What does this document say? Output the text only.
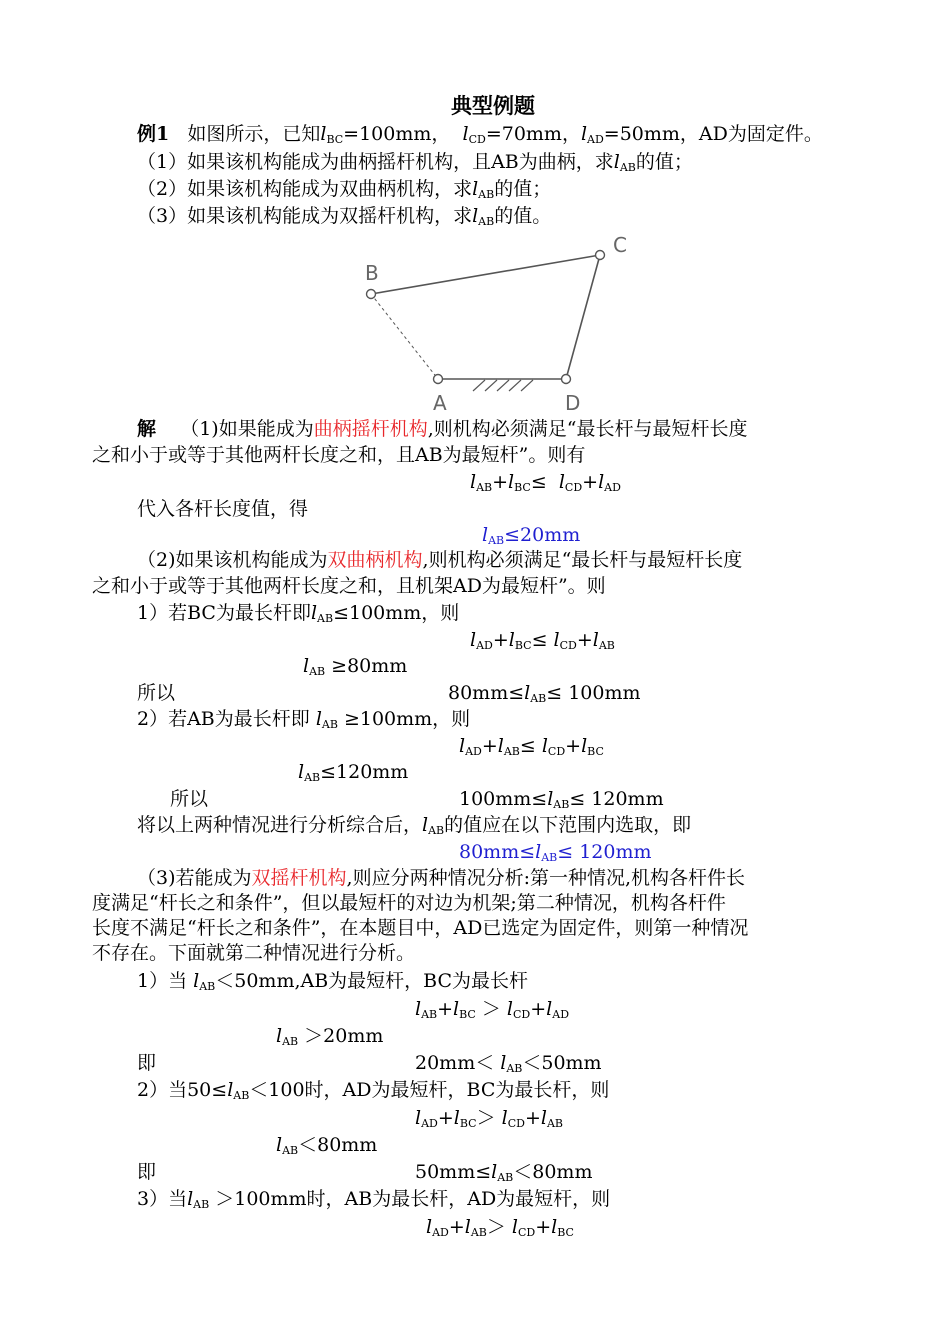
典型例题
例1 如图所示，已知$l_{BC}=100mm$， $l_{CD}=70mm$，$l_{AD}=50mm$，AD为固定件。
（1）如果该机构能成为曲柄摇杆机构，且AB为曲柄，求$l_{AB}$的值；
（2）如果该机构能成为双曲柄机构，求$l_{AB}$的值；
（3）如果该机构能成为双摇杆机构，求$l_{AB}$的值。
B
C
A	D
解 （1)如果能成为曲柄摇杆机构,则机构必须满足“最长杆与最短杆长度
之和小于或等于其他两杆长度之和，且AB为最短杆”。则有
$l_{AB}+l_{BC}\le l_{CD}+l_{AD}$
代入各杆长度值，得
$l_{AB}\le 20mm$
（2)如果该机构能成为双曲柄机构,则机构必须满足“最长杆与最短杆长度
之和小于或等于其他两杆长度之和，且机架AD为最短杆”。则
1）若BC为最长杆即$l_{AB}\le 100mm$，则
$l_{AD}+l_{BC}\le l_{CD}+l_{AB}$
$l_{AB} \ge 80mm$
所以	$80mm\le l_{AB}\le 100mm$
2）若AB为最长杆即 $l_{AB} \ge 100mm$，则
$l_{AD}+l_{AB}\le l_{CD}+l_{BC}$
$l_{AB}\le 120mm$
所以	$100mm\le l_{AB}\le 120mm$
将以上两种情况进行分析综合后，$l_{AB}$的值应在以下范围内选取，即
$80mm\le l_{AB}\le 120mm$
（3)若能成为双摇杆机构,则应分两种情况分析:第一种情况,机构各杆件长
度满足“杆长之和条件”，但以最短杆的对边为机架;第二种情况，机构各杆件
长度不满足“杆长之和条件”，在本题目中，AD已选定为固定件，则第一种情况
不存在。下面就第二种情况进行分析。
1）当 $l_{AB}<50mm,AB$为最短杆，BC为最长杆
$l_{AB}+l_{BC} > l_{CD}+l_{AD}$
$l_{AB} >20mm$
即	$20mm< l_{AB}<50mm$
2）当$50\le l_{AB}<100$时，AD为最短杆，BC为最长杆，则
$l_{AD}+l_{BC}> l_{CD}+l_{AB}$
$l_{AB}<80mm$
即	$50mm\le l_{AB}<80mm$
3）当$l_{AB} >100mm$时，AB为最长杆，AD为最短杆，则
$l_{AD}+l_{AB}> l_{CD}+l_{BC}$
